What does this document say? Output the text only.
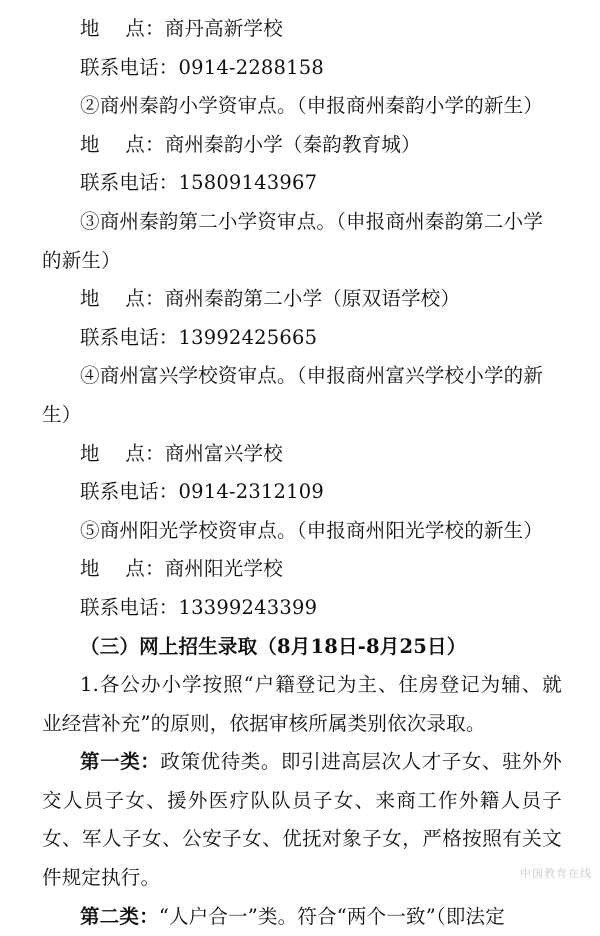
地    点：商丹高新学校
联系电话：0914-2288158
②商州秦韵小学资审点。（申报商州秦韵小学的新生）
地    点：商州秦韵小学（秦韵教育城）
联系电话：15809143967
③商州秦韵第二小学资审点。（申报商州秦韵第二小学
的新生）
地    点：商州秦韵第二小学（原双语学校）
联系电话：13992425665
④商州富兴学校资审点。（申报商州富兴学校小学的新
生）
地    点：商州富兴学校
联系电话：0914-2312109
⑤商州阳光学校资审点。（申报商州阳光学校的新生）
地    点：商州阳光学校
联系电话：13399243399
（三）网上招生录取（8月18日-8月25日）

1.各公办小学按照“户籍登记为主、住房登记为辅、就业经营补充”的原则，依据审核所属类别依次录取。

第一类：政策优待类。即引进高层次人才子女、驻外外交人员子女、援外医疗队队员子女、来商工作外籍人员子女、军人子女、公安子女、优抚对象子女，严格按照有关文件规定执行。

第二类：“人户合一”类。符合“两个一致”（即法定

中国教育在线
